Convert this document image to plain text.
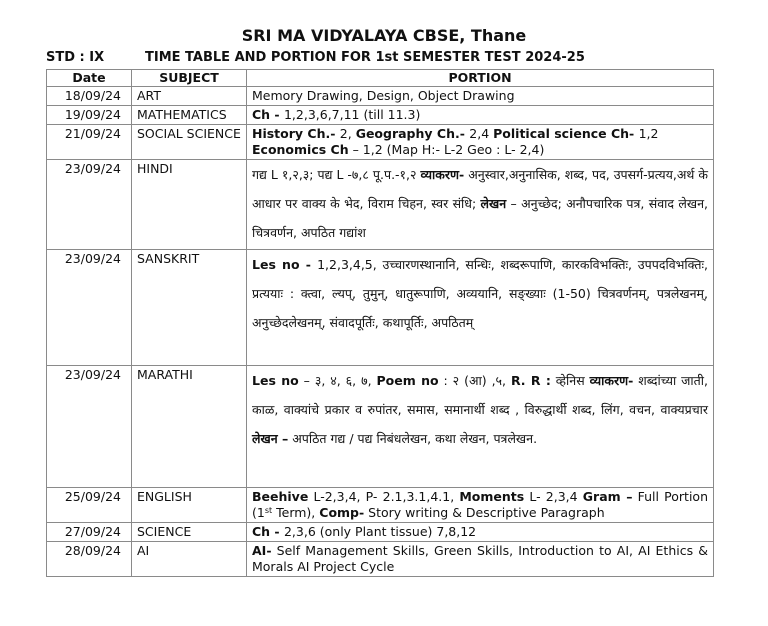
SRI MA VIDYALAYA CBSE, Thane
STD : IX	TIME TABLE AND PORTION FOR 1st SEMESTER TEST 2024-25
Date	SUBJECT	PORTION
18/09/24	ART	Memory Drawing, Design, Object Drawing
19/09/24	MATHEMATICS	Ch - 1,2,3,6,7,11 (till 11.3)
21/09/24	SOCIAL SCIENCE	History Ch.- 2, Geography Ch.- 2,4 Political science Ch- 1,2
Economics Ch – 1,2 (Map H:- L-2 Geo : L- 2,4)
23/09/24	HINDI	गद्य L १,२,३; पद्य L -७,८ पू.प.-१,२ व्याकरण- अनुस्वार,अनुनासिक, शब्द, पद, उपसर्ग-प्रत्यय,अर्थ के आधार पर वाक्य के भेद, विराम चिहन, स्वर संधि; लेखन – अनुच्छेद; अनौपचारिक पत्र, संवाद लेखन, चित्रवर्णन, अपठित गद्यांश
23/09/24	SANSKRIT	Les no - 1,2,3,4,5, उच्चारणस्थानानि, सन्धिः, शब्दरूपाणि, कारकविभक्तिः, उपपदविभक्तिः, प्रत्ययाः : क्त्वा, ल्यप्, तुमुन्, धातुरूपाणि, अव्ययानि, सङ्ख्याः (1-50) चित्रवर्णनम्, पत्रलेखनम्, अनुच्छेदलेखनम्, संवादपूर्तिः, कथापूर्तिः, अपठितम्
23/09/24	MARATHI	Les no – ३, ४, ६, ७, Poem no : २ (आ) ,५, R. R : व्हेनिस व्याकरण- शब्दांच्या जाती, काळ, वाक्यांचे प्रकार व रुपांतर, समास, समानार्थी शब्द , विरुद्धार्थी शब्द, लिंग, वचन, वाक्यप्रचार लेखन – अपठित गद्य / पद्य निबंधलेखन, कथा लेखन, पत्रलेखन.
25/09/24	ENGLISH	Beehive L-2,3,4, P- 2.1,3.1,4.1, Moments L- 2,3,4 Gram – Full Portion (1st Term), Comp- Story writing & Descriptive Paragraph
27/09/24	SCIENCE	Ch - 2,3,6 (only Plant tissue) 7,8,12
28/09/24	AI	AI- Self Management Skills, Green Skills, Introduction to AI, AI Ethics & Morals AI Project Cycle
